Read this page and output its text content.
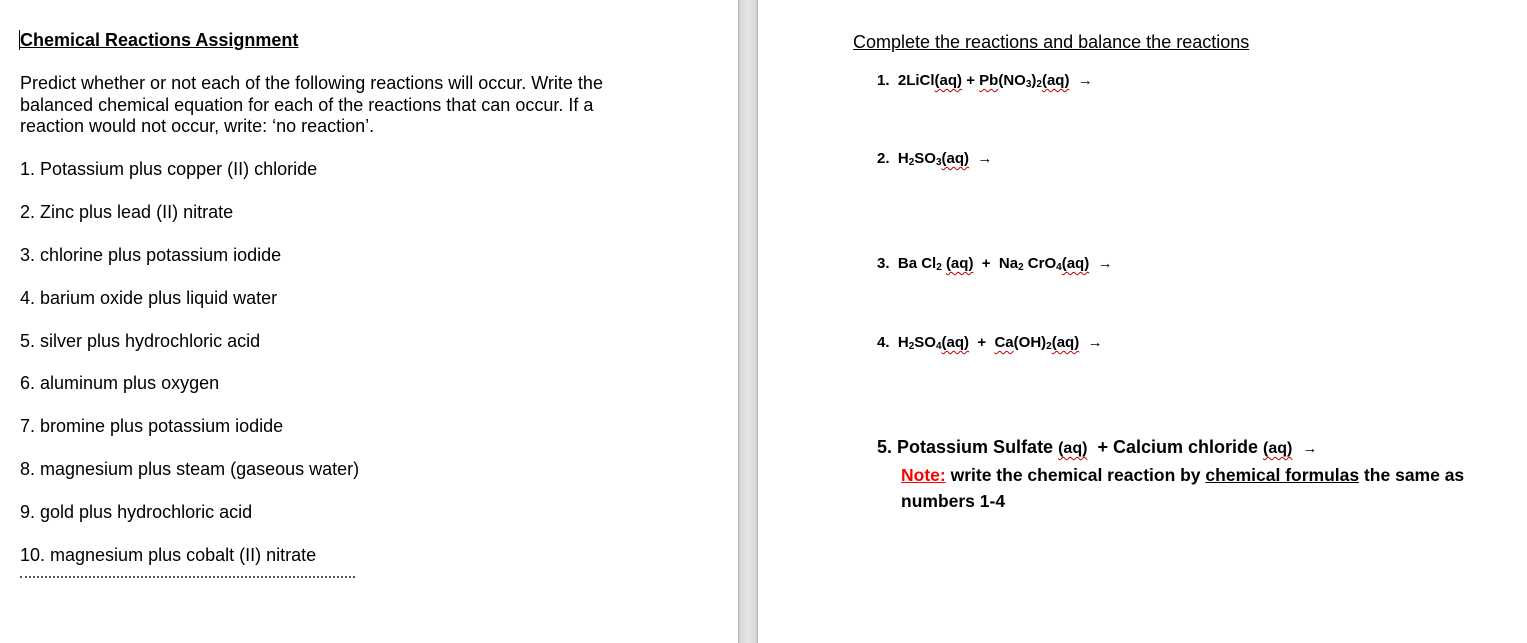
Chemical Reactions Assignment
Predict whether or not each of the following reactions will occur. Write the balanced chemical equation for each of the reactions that can occur. If a reaction would not occur, write: ‘no reaction’.
1. Potassium plus copper (II) chloride
2. Zinc plus lead (II) nitrate
3. chlorine plus potassium iodide
4. barium oxide plus liquid water
5. silver plus hydrochloric acid
6. aluminum plus oxygen
7. bromine plus potassium iodide
8. magnesium plus steam (gaseous water)
9. gold plus hydrochloric acid
10. magnesium plus cobalt (II) nitrate
Complete the reactions and balance the reactions
1. 2LiCl(aq) + $Pb(NO_3)_2(aq)$ →
2. $H_2SO_3(aq)$ →
3. Ba $Cl_2$ $(aq) + Na_2$ CrO$_4$(aq) →
4. $H_2SO_4(aq) + Ca(OH)_2(aq)$ →
5. Potassium Sulfate (aq) + Calcium chloride (aq) →
Note: write the chemical reaction by chemical formulas the same as numbers 1-4
